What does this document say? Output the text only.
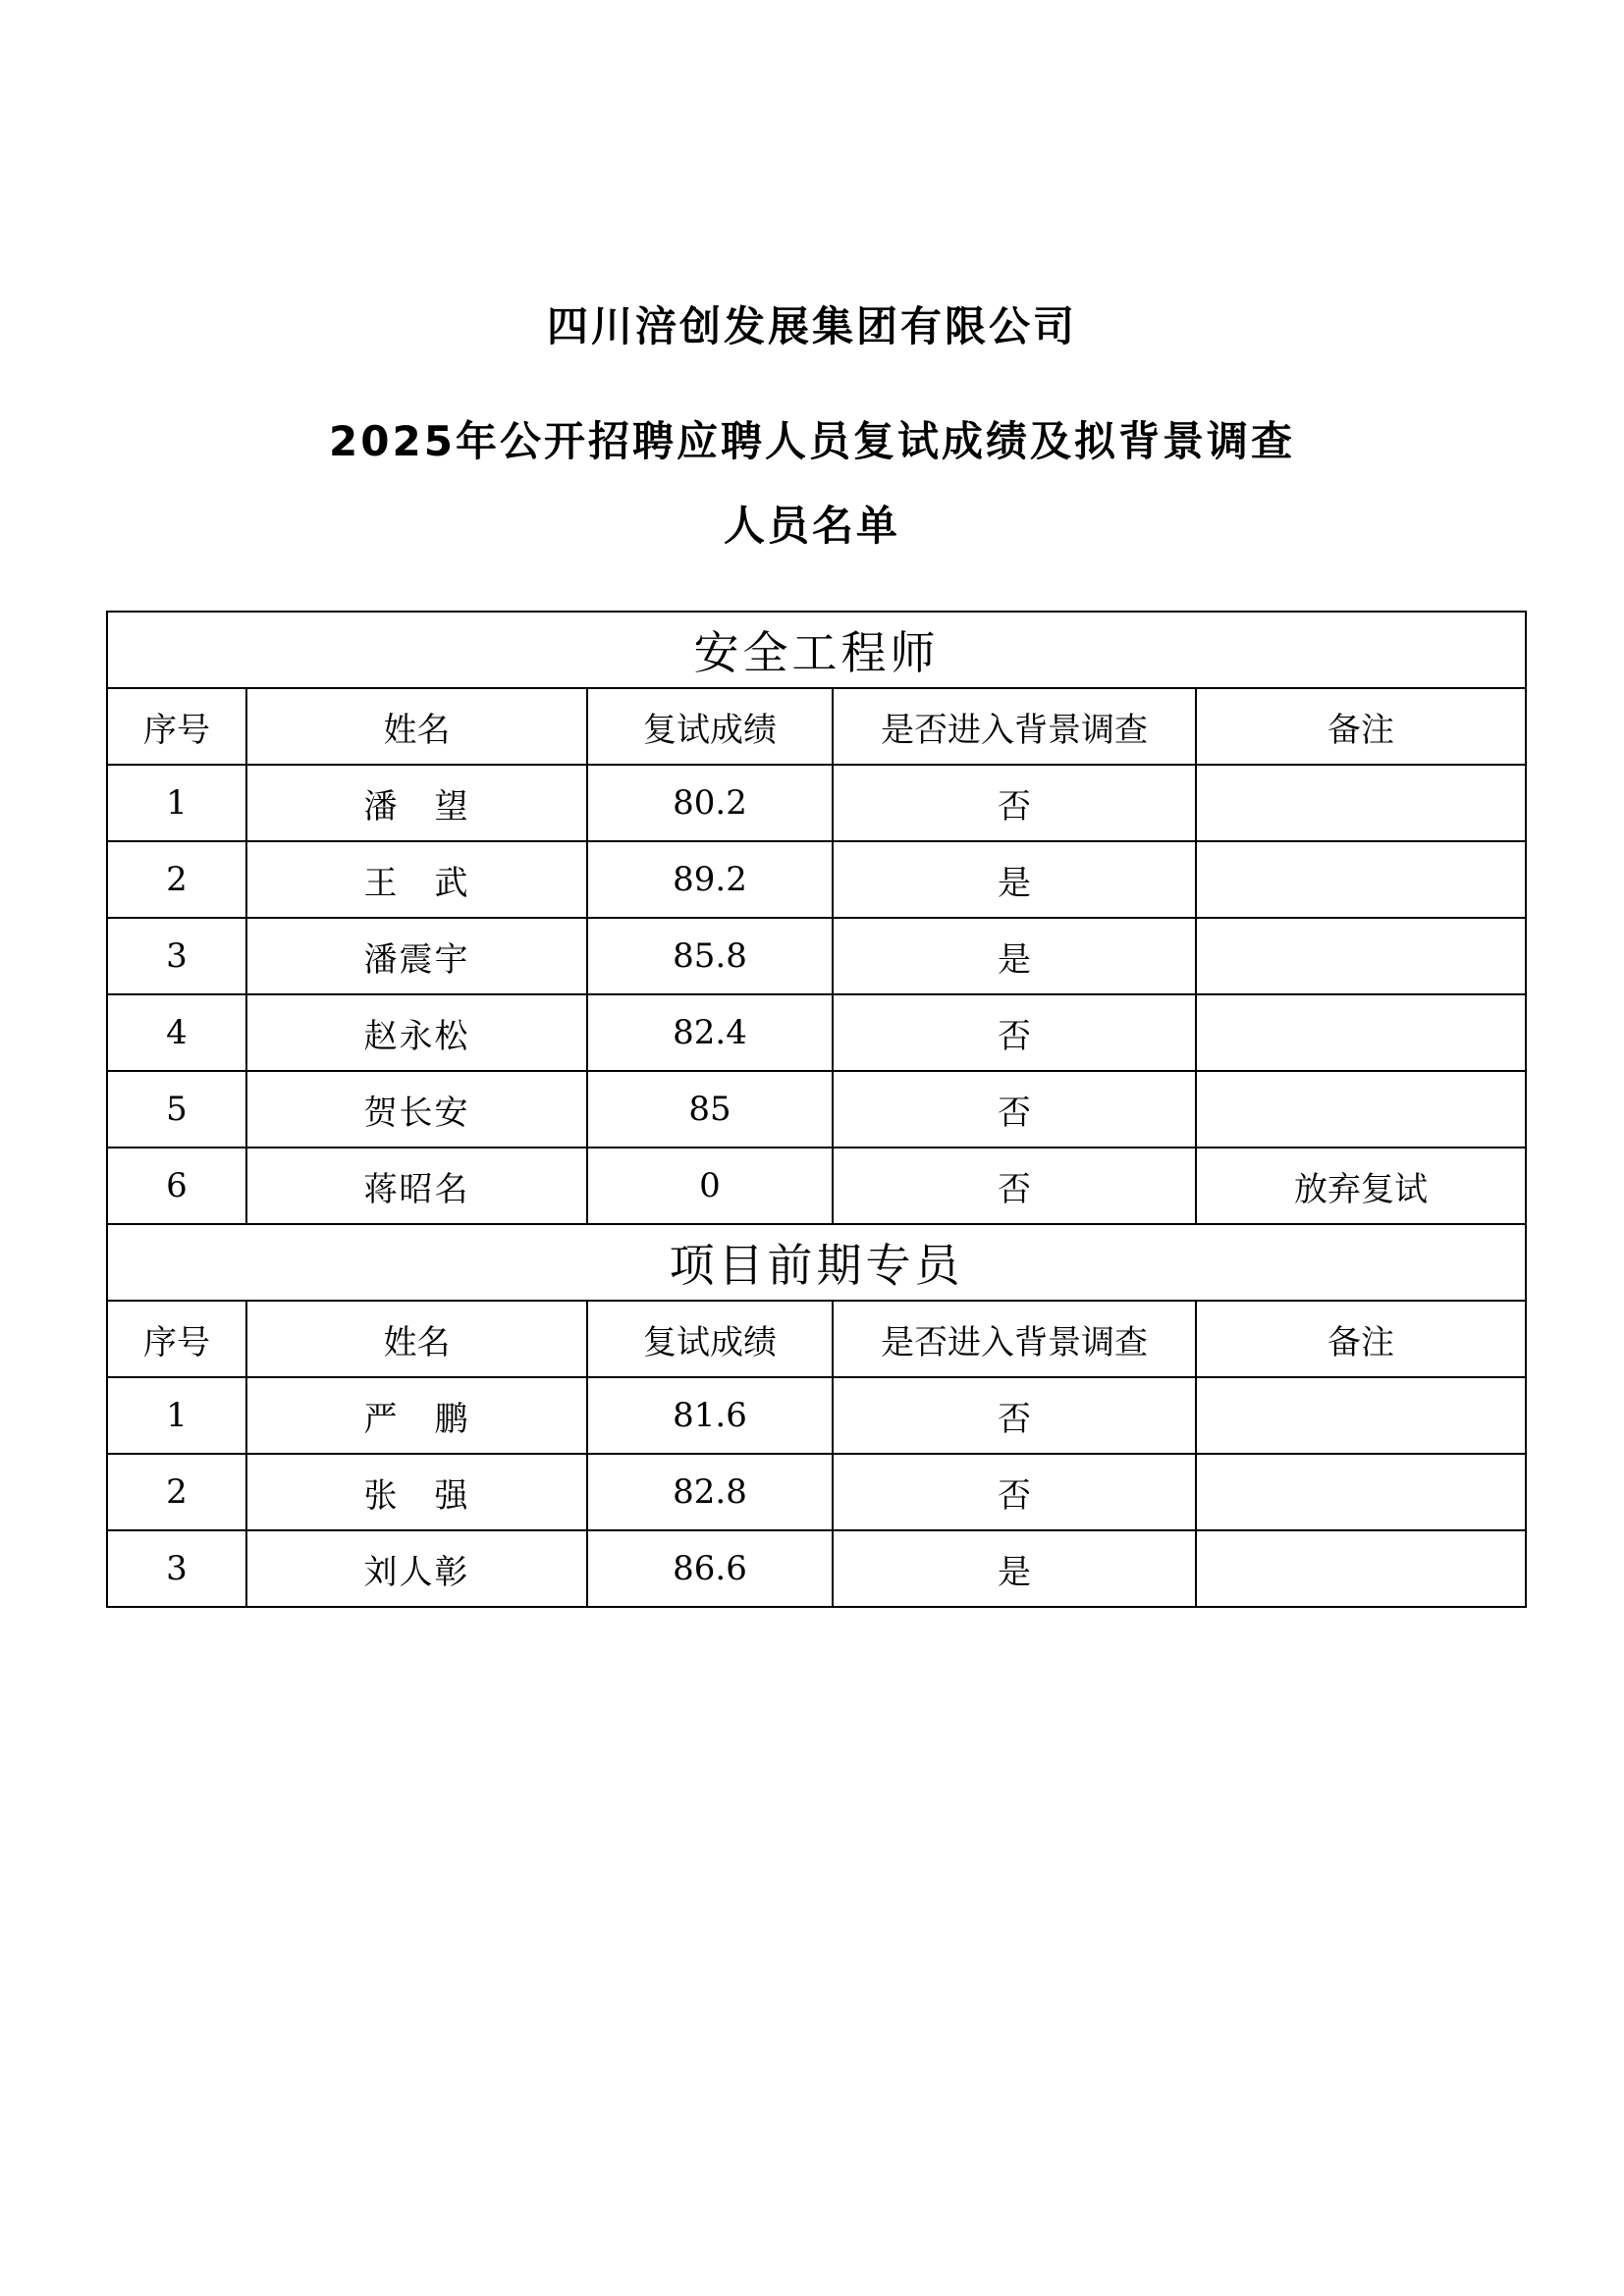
四川涪创发展集团有限公司
2025年公开招聘应聘人员复试成绩及拟背景调查
人员名单
安全工程师				
序号	姓名	复试成绩	是否进入背景调查	备注
1	潘　望	80.2	否	
2	王　武	89.2	是	
3	潘震宇	85.8	是	
4	赵永松	82.4	否	
5	贺长安	85	否	
6	蒋昭名	0	否	放弃复试
项目前期专员				
序号	姓名	复试成绩	是否进入背景调查	备注
1	严　鹏	81.6	否	
2	张　强	82.8	否	
3	刘人彰	86.6	是	
